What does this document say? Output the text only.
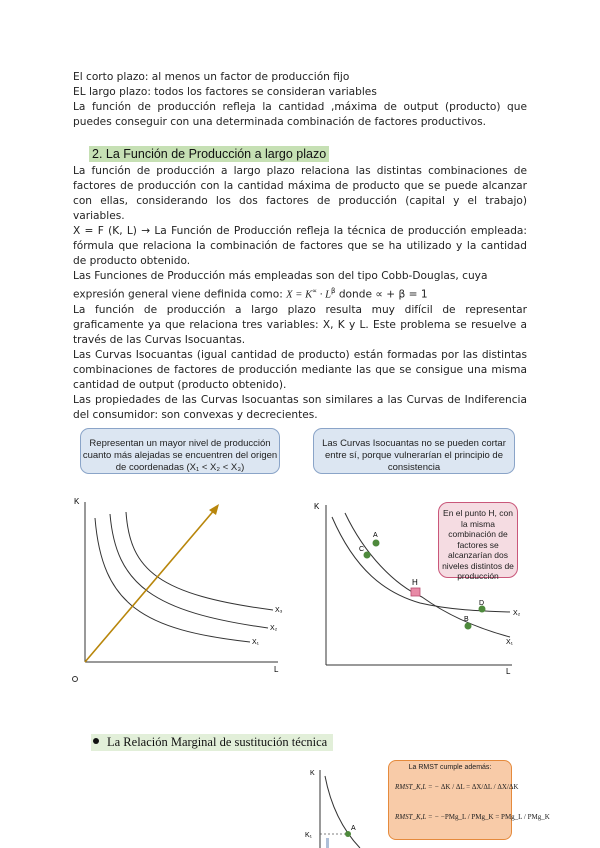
El corto plazo: al menos un factor de producción fijo
EL largo plazo: todos los factores se consideran variables
La función de producción refleja la cantidad ,máxima de output (producto) que puedes conseguir con una determinada combinación de factores productivos.
2. La Función de Producción a largo plazo
La función de producción a largo plazo relaciona las distintas combinaciones de factores de producción con la cantidad máxima de producto que se puede alcanzar con ellas, considerando los dos factores de producción (capital y el trabajo) variables.
X = F (K, L) → La Función de Producción refleja la técnica de producción empleada: fórmula que relaciona la combinación de factores que se ha utilizado y la cantidad de producto obtenido.
Las Funciones de Producción más empleadas son del tipo Cobb-Douglas, cuya
expresión general viene definida como: $X = K^\propto \cdot L^\beta$ donde ∝ + β = 1
La función de producción a largo plazo resulta muy difícil de representar graficamente ya que relaciona tres variables: X, K y L. Este problema se resuelve a través de las Curvas Isocuantas.
Las Curvas Isocuantas (igual cantidad de producto) están formadas por las distintas combinaciones de factores de producción mediante las que se consigue una misma cantidad de output (producto obtenido).
Las propiedades de las Curvas Isocuantas son similares a las Curvas de Indiferencia del consumidor: son convexas y decrecientes.
Representan un mayor nivel de producción cuanto más alejadas se encuentren del origen de coordenadas (X₁ < X₂ < X₃)
Las Curvas Isocuantas no se pueden cortar entre sí, porque vulnerarían el principio de consistencia
K
L
X₃
X₂
X₁
K
L
X₂
X₁
A
C
H
D
B
En el punto H, con la misma combinación de factores se alcanzarían dos niveles distintos de producción
La Relación Marginal de sustitución técnica
K
K₁
A
La RMST cumple además:
RMST_K,L = − ΔK / ΔL = ΔX/ΔL / ΔX/ΔK
RMST_K,L = − −PMg_L / PMg_K = PMg_L / PMg_K
